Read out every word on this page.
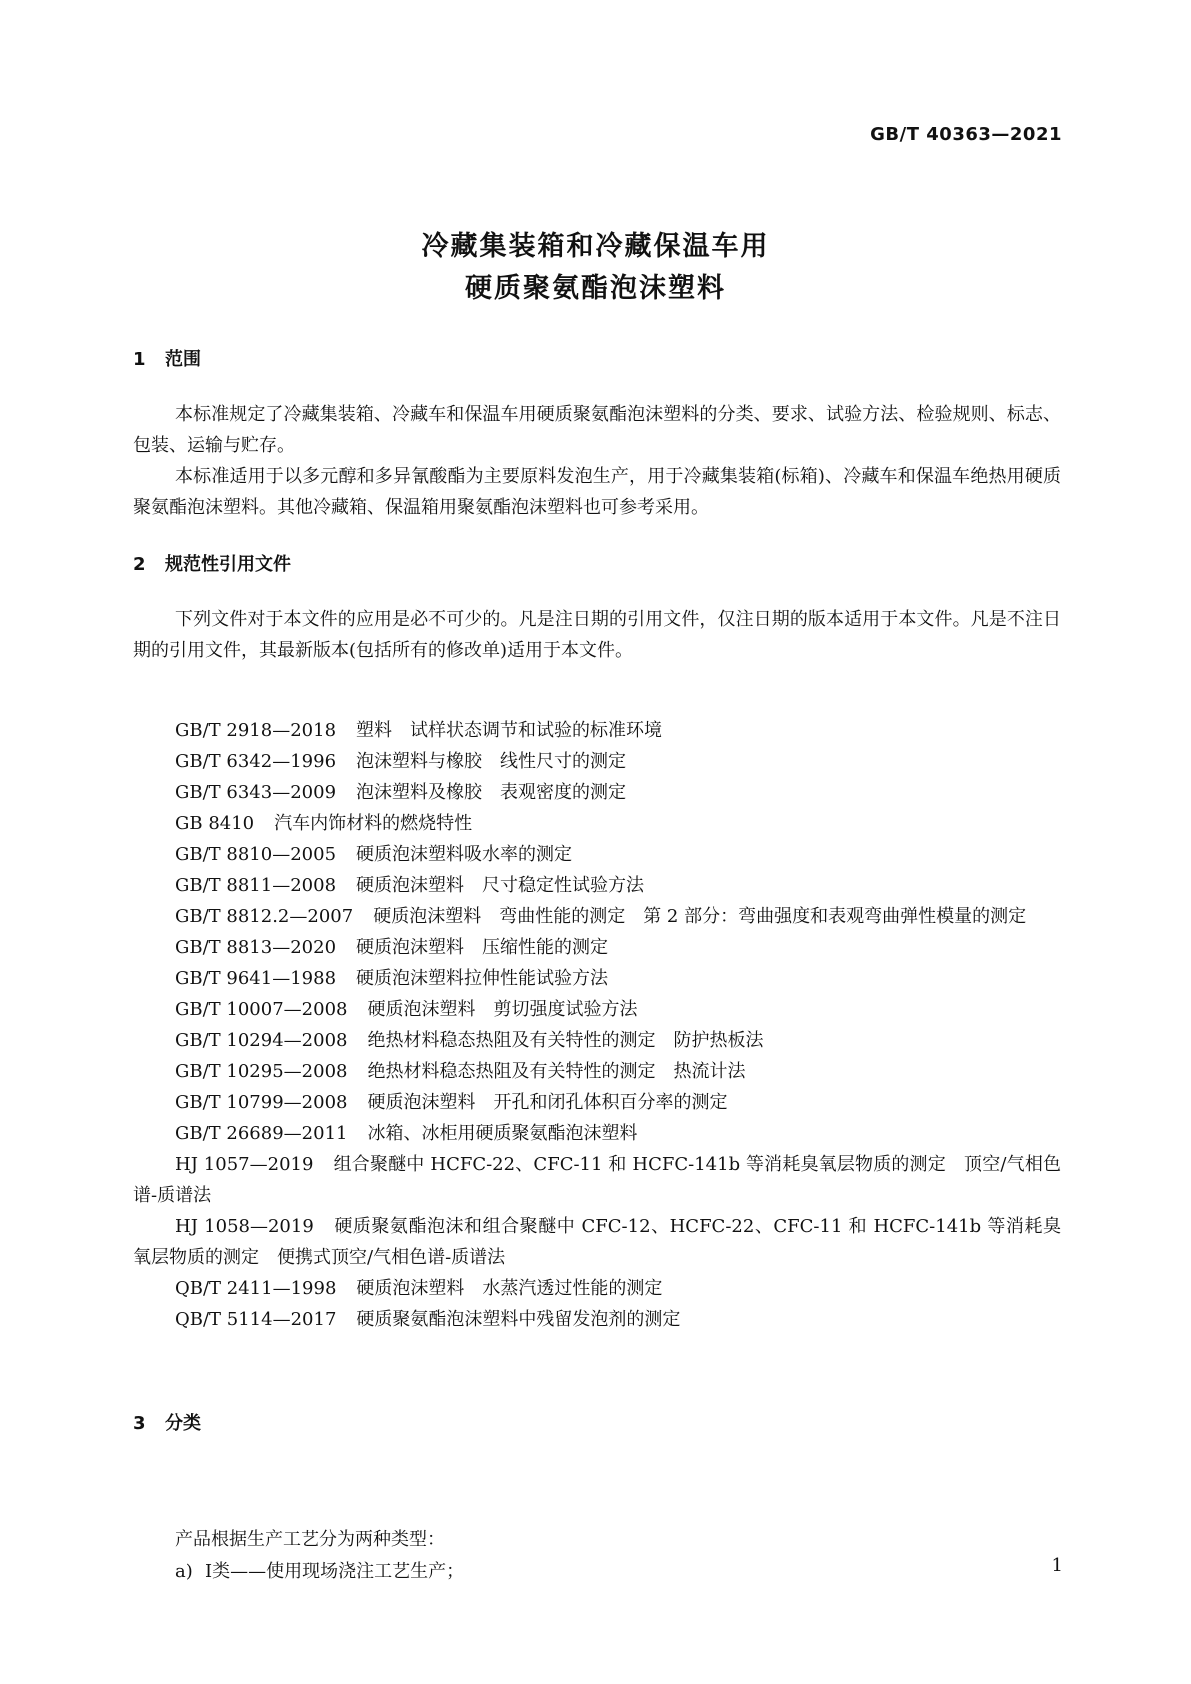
GB/T 40363—2021
冷藏集装箱和冷藏保温车用
硬质聚氨酯泡沫塑料
1 范围

本标准规定了冷藏集装箱、冷藏车和保温车用硬质聚氨酯泡沫塑料的分类、要求、试验方法、检验规则、标志、包装、运输与贮存。

本标准适用于以多元醇和多异氰酸酯为主要原料发泡生产，用于冷藏集装箱(标箱)、冷藏车和保温车绝热用硬质聚氨酯泡沫塑料。其他冷藏箱、保温箱用聚氨酯泡沫塑料也可参考采用。

2 规范性引用文件

下列文件对于本文件的应用是必不可少的。凡是注日期的引用文件，仅注日期的版本适用于本文件。凡是不注日期的引用文件，其最新版本(包括所有的修改单)适用于本文件。

GB/T 2918—2018 塑料　试样状态调节和试验的标准环境
GB/T 6342—1996 泡沫塑料与橡胶　线性尺寸的测定
GB/T 6343—2009 泡沫塑料及橡胶　表观密度的测定
GB 8410 汽车内饰材料的燃烧特性
GB/T 8810—2005 硬质泡沫塑料吸水率的测定
GB/T 8811—2008 硬质泡沫塑料　尺寸稳定性试验方法
GB/T 8812.2—2007 硬质泡沫塑料　弯曲性能的测定　第 2 部分：弯曲强度和表观弯曲弹性模量的测定
GB/T 8813—2020 硬质泡沫塑料　压缩性能的测定
GB/T 9641—1988 硬质泡沫塑料拉伸性能试验方法
GB/T 10007—2008 硬质泡沫塑料　剪切强度试验方法
GB/T 10294—2008 绝热材料稳态热阻及有关特性的测定　防护热板法
GB/T 10295—2008 绝热材料稳态热阻及有关特性的测定　热流计法
GB/T 10799—2008 硬质泡沫塑料　开孔和闭孔体积百分率的测定
GB/T 26689—2011 冰箱、冰柜用硬质聚氨酯泡沫塑料
HJ 1057—2019 组合聚醚中 HCFC-22、CFC-11 和 HCFC-141b 等消耗臭氧层物质的测定　顶空/气相色谱-质谱法
HJ 1058—2019 硬质聚氨酯泡沫和组合聚醚中 CFC-12、HCFC-22、CFC-11 和 HCFC-141b 等消耗臭氧层物质的测定　便携式顶空/气相色谱-质谱法
QB/T 2411—1998 硬质泡沫塑料　水蒸汽透过性能的测定
QB/T 5114—2017 硬质聚氨酯泡沫塑料中残留发泡剂的测定
3 分类

产品根据生产工艺分为两种类型：

a) Ⅰ类——使用现场浇注工艺生产；	1
